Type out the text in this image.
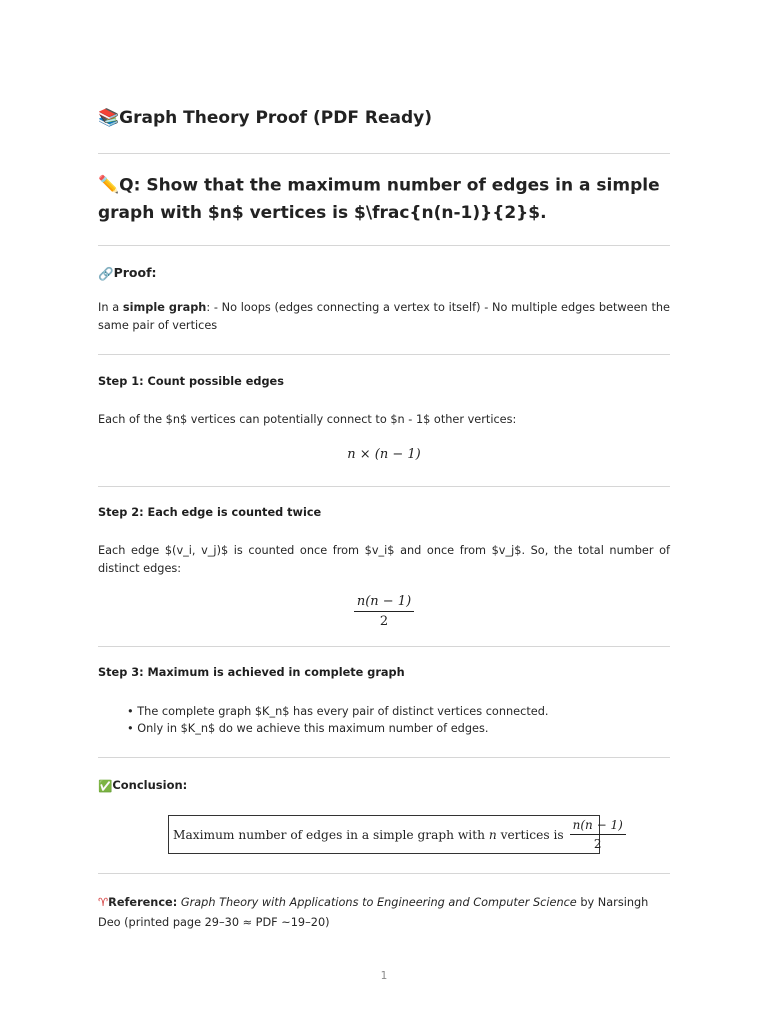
📚Graph Theory Proof (PDF Ready)
✏️Q: Show that the maximum number of edges in a simple graph with $n$ vertices is $\frac{n(n-1)}{2}$.
🔗Proof:
In a simple graph: - No loops (edges connecting a vertex to itself) - No multiple edges between the same pair of vertices
Step 1: Count possible edges
Each of the $n$ vertices can potentially connect to $n - 1$ other vertices:
n × (n − 1)
Step 2: Each edge is counted twice
Each edge $(v_i, v_j)$ is counted once from $v_i$ and once from $v_j$. So, the total number of distinct edges:
$\frac{n(n - 1)}{2}$
Step 3: Maximum is achieved in complete graph
• The complete graph $K_n$ has every pair of distinct vertices connected.
• Only in $K_n$ do we achieve this maximum number of edges.
✅Conclusion:
Maximum number of edges in a simple graph with
n
vertices is $\frac{n(n - 1)}{2}$
♈Reference: Graph Theory with Applications to Engineering and Computer Science by Narsingh Deo (printed page 29–30 ≈ PDF ~19–20)
1
